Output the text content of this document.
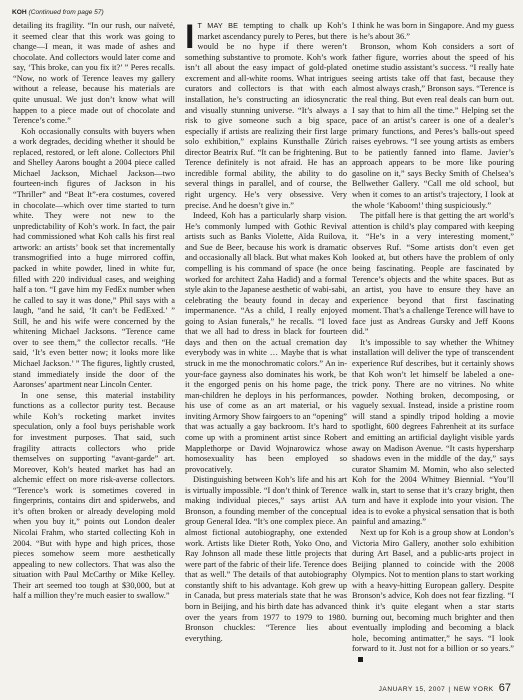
KOH (Continued from page 57)

detailing its fragility. “In our rush, our naïveté, it seemed clear that this work was going to change—I mean, it was made of ashes and chocolate. And collectors would later come and say, ‘This broke, can you fix it?’ ” Peres recalls. “Now, no work of Terence leaves my gallery without a release, because his materials are quite unusual. We just don’t know what will happen to a piece made out of chocolate and Terence’s come.”

Koh occasionally consults with buyers when a work degrades, deciding whether it should be replaced, restored, or left alone. Collectors Phil and Shelley Aarons bought a 2004 piece called Michael Jackson, Michael Jackson—two fourteen-inch figures of Jackson in his “Thriller” and “Beat It”-era costumes, covered in chocolate—which over time started to turn white. They were not new to the unpredictability of Koh’s work. In fact, the pair had commissioned what Koh calls his first real artwork: an artists’ book set that incrementally transmogrified into a huge mirrored coffin, packed in white powder, lined in white fur, filled with 220 individual cases, and weighing half a ton. “I gave him my FedEx number when he called to say it was done,” Phil says with a laugh, “and he said, ‘It can’t be FedExed.’ ” Still, he and his wife were concerned by the whitening Michael Jacksons. “Terence came over to see them,” the collector recalls. “He said, ‘It’s even better now; it looks more like Michael Jackson.’ ” The figures, lightly crusted, stand immediately inside the door of the Aaronses’ apartment near Lincoln Center.

In one sense, this material instability functions as a collector purity test. Because while Koh’s rocketing market invites speculation, only a fool buys perishable work for investment purposes. That said, such fragility attracts collectors who pride themselves on supporting “avant-garde” art. Moreover, Koh’s heated market has had an alchemic effect on more risk-averse collectors. “Terence’s work is sometimes covered in fingerprints, contains dirt and spiderwebs, and it’s often broken or already developing mold when you buy it,” points out London dealer Nicolai Frahm, who started collecting Koh in 2004. “But with hype and high prices, those pieces somehow seem more aesthetically appealing to new collectors. That was also the situation with Paul McCarthy or Mike Kelley. Their art seemed too tough at $30,000, but at half a million they’re much easier to swallow.”

I T MAY BE tempting to chalk up Koh’s market ascendancy purely to Peres, but there would be no hype if there weren’t something substantive to promote. Koh’s work isn’t all about the easy impact of gold-plated excrement and all-white rooms. What intrigues curators and collectors is that with each installation, he’s constructing an idiosyncratic and visually stunning universe. “It’s always a risk to give someone such a big space, especially if artists are realizing their first large solo exhibition,” explains Kunsthalle Zürich director Beatrix Ruf. “It can be frightening. But Terence definitely is not afraid. He has an incredible formal ability, the ability to do several things in parallel, and of course, the right urgency. He’s very obsessive. Very precise. And he doesn’t give in.”

Indeed, Koh has a particularly sharp vision. He’s commonly lumped with Gothic Revival artists such as Banks Violette, Aïda Ruilova, and Sue de Beer, because his work is dramatic and occasionally all black. But what makes Koh compelling is his command of space (he once worked for architect Zaha Hadid) and a formal style akin to the Japanese aesthetic of wabi-sabi, celebrating the beauty found in decay and impermanence. “As a child, I really enjoyed going to Asian funerals,” he recalls. “I loved that we all had to dress in black for fourteen days and then on the actual cremation day everybody was in white … Maybe that is what struck in me the monochromatic colors.” An in-your-face gayness also dominates his work, be it the engorged penis on his home page, the man-children he deploys in his performances, his use of come as an art material, or his inviting Armory Show fairgoers to an “opening” that was actually a gay backroom. It’s hard to come up with a prominent artist since Robert Mapplethorpe or David Wojnarowicz whose homosexuality has been employed so provocatively.

Distinguishing between Koh’s life and his art is virtually impossible. “I don’t think of Terence making individual pieces,” says artist AA Bronson, a founding member of the conceptual group General Idea. “It’s one complex piece. An almost fictional autobiography, one extended work. Artists like Dieter Roth, Yoko Ono, and Ray Johnson all made these little projects that were part of the fabric of their life. Terence does that as well.” The details of that autobiography constantly shift to his advantage. Koh grew up in Canada, but press materials state that he was born in Beijing, and his birth date has advanced over the years from 1977 to 1979 to 1980. Bronson chuckles: “Terence lies about everything.

I think he was born in Singapore. And my guess is he’s about 36.”

Bronson, whom Koh considers a sort of father figure, worries about the speed of his onetime studio assistant’s success. “I really hate seeing artists take off that fast, because they almost always crash,” Bronson says. “Terence is the real thing. But even real deals can burn out. I say that to him all the time.” Helping set the pace of an artist’s career is one of a dealer’s primary functions, and Peres’s balls-out speed raises eyebrows. “I see young artists as embers to be patiently fanned into flame. Javier’s approach appears to be more like pouring gasoline on it,” says Becky Smith of Chelsea’s Bellwether Gallery. “Call me old school, but when it comes to an artist’s trajectory, I look at the whole ‘Kaboom!’ thing suspiciously.”

The pitfall here is that getting the art world’s attention is child’s play compared with keeping it. “He’s in a very interesting moment,” observes Ruf. “Some artists don’t even get looked at, but others have the problem of only being fascinating. People are fascinated by Terence’s objects and the white spaces. But as an artist, you have to ensure they have an experience beyond that first fascinating moment. That’s a challenge Terence will have to face just as Andreas Gursky and Jeff Koons did.”

It’s impossible to say whether the Whitney installation will deliver the type of transcendent experience Ruf describes, but it certainly shows that Koh won’t let himself be labeled a one-trick pony. There are no vitrines. No white powder. Nothing broken, decomposing, or vaguely sexual. Instead, inside a pristine room will stand a spindly tripod holding a movie spotlight, 600 degrees Fahrenheit at its surface and emitting an artificial daylight visible yards away on Madison Avenue. “It casts hypersharp shadows even in the middle of the day,” says curator Shamim M. Momin, who also selected Koh for the 2004 Whitney Biennial. “You’ll walk in, start to sense that it’s crazy bright, then turn and have it explode into your vision. The idea is to evoke a physical sensation that is both painful and amazing.”

Next up for Koh is a group show at London’s Victoria Miro Gallery, another solo exhibition during Art Basel, and a public-arts project in Beijing planned to coincide with the 2008 Olympics. Not to mention plans to start working with a heavy-hitting European gallery. Despite Bronson’s advice, Koh does not fear fizzling. “I think it’s quite elegant when a star starts burning out, becoming much brighter and then eventually imploding and becoming a black hole, becoming antimatter,” he says. “I look forward to it. Just not for a billion or so years.”

JANUARY 15, 2007 | NEW YORK 67
